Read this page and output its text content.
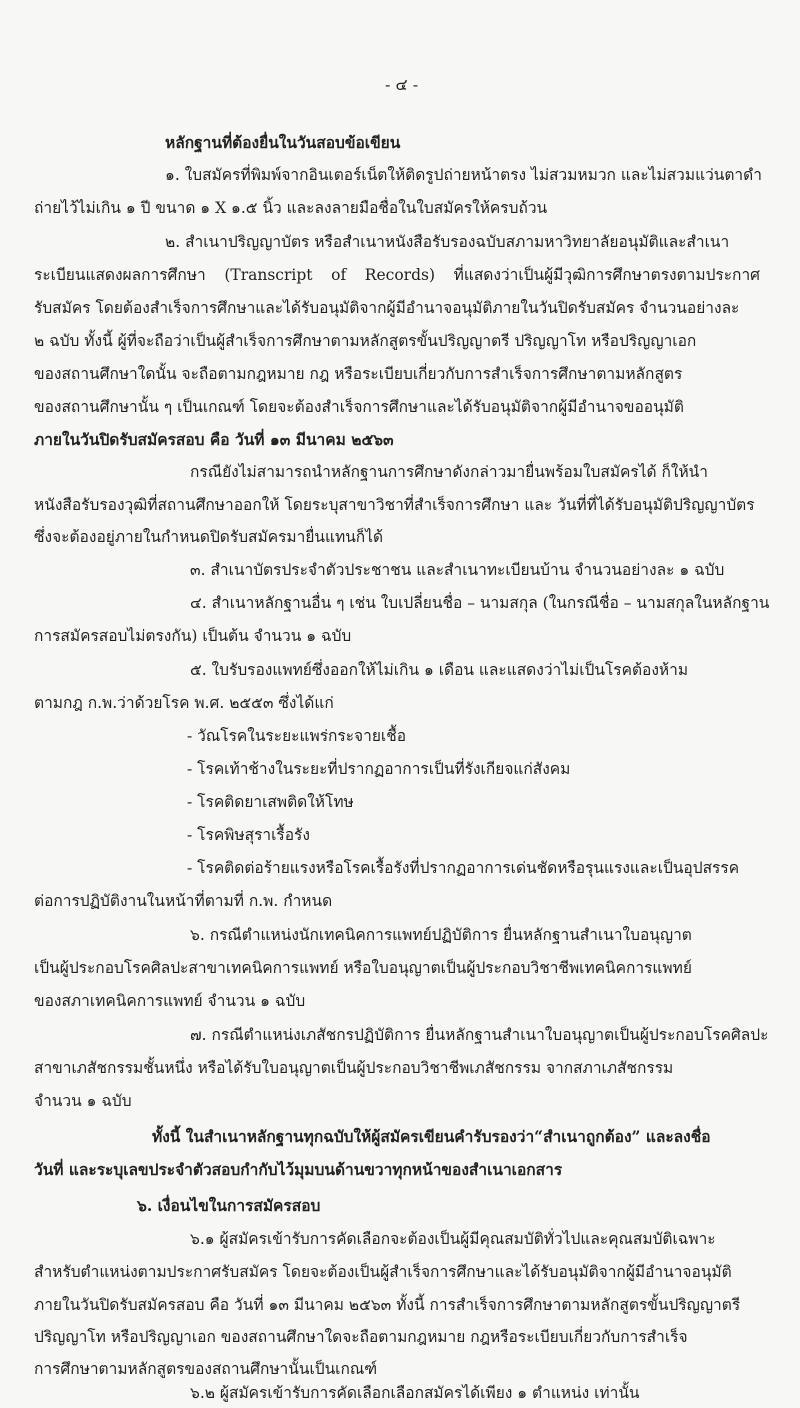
- ๔ -

หลักฐานที่ต้องยื่นในวันสอบข้อเขียน

๑. ใบสมัครที่พิมพ์จากอินเตอร์เน็ตให้ติดรูปถ่ายหน้าตรง ไม่สวมหมวก และไม่สวมแว่นตาดำ

ถ่ายไว้ไม่เกิน ๑ ปี ขนาด ๑ X ๑.๕ นิ้ว และลงลายมือชื่อในใบสมัครให้ครบถ้วน

๒. สำเนาปริญญาบัตร หรือสำเนาหนังสือรับรองฉบับสภามหาวิทยาลัยอนุมัติและสำเนา

ระเบียนแสดงผลการศึกษา (Transcript of Records) ที่แสดงว่าเป็นผู้มีวุฒิการศึกษาตรงตามประกาศ

รับสมัคร โดยต้องสำเร็จการศึกษาและได้รับอนุมัติจากผู้มีอำนาจอนุมัติภายในวันปิดรับสมัคร จำนวนอย่างละ

๒ ฉบับ ทั้งนี้ ผู้ที่จะถือว่าเป็นผู้สำเร็จการศึกษาตามหลักสูตรขั้นปริญญาตรี ปริญญาโท หรือปริญญาเอก

ของสถานศึกษาใดนั้น จะถือตามกฎหมาย กฎ หรือระเบียบเกี่ยวกับการสำเร็จการศึกษาตามหลักสูตร

ของสถานศึกษานั้น ๆ เป็นเกณฑ์ โดยจะต้องสำเร็จการศึกษาและได้รับอนุมัติจากผู้มีอำนาจขออนุมัติ

ภายในวันปิดรับสมัครสอบ คือ วันที่ ๑๓ มีนาคม ๒๕๖๓

กรณียังไม่สามารถนำหลักฐานการศึกษาดังกล่าวมายื่นพร้อมใบสมัครได้ ก็ให้นำ

หนังสือรับรองวุฒิที่สถานศึกษาออกให้ โดยระบุสาขาวิชาที่สำเร็จการศึกษา และ วันที่ที่ได้รับอนุมัติปริญญาบัตร

ซึ่งจะต้องอยู่ภายในกำหนดปิดรับสมัครมายื่นแทนก็ได้

๓. สำเนาบัตรประจำตัวประชาชน และสำเนาทะเบียนบ้าน จำนวนอย่างละ ๑ ฉบับ

๔. สำเนาหลักฐานอื่น ๆ เช่น ใบเปลี่ยนชื่อ – นามสกุล (ในกรณีชื่อ – นามสกุลในหลักฐาน

การสมัครสอบไม่ตรงกัน) เป็นต้น จำนวน ๑ ฉบับ

๕. ใบรับรองแพทย์ซึ่งออกให้ไม่เกิน ๑ เดือน และแสดงว่าไม่เป็นโรคต้องห้าม

ตามกฎ ก.พ.ว่าด้วยโรค พ.ศ. ๒๕๕๓ ซึ่งได้แก่

- วัณโรคในระยะแพร่กระจายเชื้อ

- โรคเท้าช้างในระยะที่ปรากฏอาการเป็นที่รังเกียจแก่สังคม

- โรคติดยาเสพติดให้โทษ

- โรคพิษสุราเรื้อรัง

- โรคติดต่อร้ายแรงหรือโรคเรื้อรังที่ปรากฏอาการเด่นชัดหรือรุนแรงและเป็นอุปสรรค

ต่อการปฏิบัติงานในหน้าที่ตามที่ ก.พ. กำหนด

๖. กรณีตำแหน่งนักเทคนิคการแพทย์ปฏิบัติการ ยื่นหลักฐานสำเนาใบอนุญาต

เป็นผู้ประกอบโรคศิลปะสาขาเทคนิคการแพทย์ หรือใบอนุญาตเป็นผู้ประกอบวิชาชีพเทคนิคการแพทย์

ของสภาเทคนิคการแพทย์ จำนวน ๑ ฉบับ

๗. กรณีตำแหน่งเภสัชกรปฏิบัติการ ยื่นหลักฐานสำเนาใบอนุญาตเป็นผู้ประกอบโรคศิลปะ

สาขาเภสัชกรรมชั้นหนึ่ง หรือได้รับใบอนุญาตเป็นผู้ประกอบวิชาชีพเภสัชกรรม จากสภาเภสัชกรรม

จำนวน ๑ ฉบับ

ทั้งนี้ ในสำเนาหลักฐานทุกฉบับให้ผู้สมัครเขียนคำรับรองว่า“สำเนาถูกต้อง” และลงชื่อ

วันที่ และระบุเลขประจำตัวสอบกำกับไว้มุมบนด้านขวาทุกหน้าของสำเนาเอกสาร

๖. เงื่อนไขในการสมัครสอบ

๖.๑ ผู้สมัครเข้ารับการคัดเลือกจะต้องเป็นผู้มีคุณสมบัติทั่วไปและคุณสมบัติเฉพาะ

สำหรับตำแหน่งตามประกาศรับสมัคร โดยจะต้องเป็นผู้สำเร็จการศึกษาและได้รับอนุมัติจากผู้มีอำนาจอนุมัติ

ภายในวันปิดรับสมัครสอบ คือ วันที่ ๑๓ มีนาคม ๒๕๖๓ ทั้งนี้ การสำเร็จการศึกษาตามหลักสูตรขั้นปริญญาตรี

ปริญญาโท หรือปริญญาเอก ของสถานศึกษาใดจะถือตามกฎหมาย กฎหรือระเบียบเกี่ยวกับการสำเร็จ

การศึกษาตามหลักสูตรของสถานศึกษานั้นเป็นเกณฑ์

๖.๒ ผู้สมัครเข้ารับการคัดเลือกเลือกสมัครได้เพียง ๑ ตำแหน่ง เท่านั้น
